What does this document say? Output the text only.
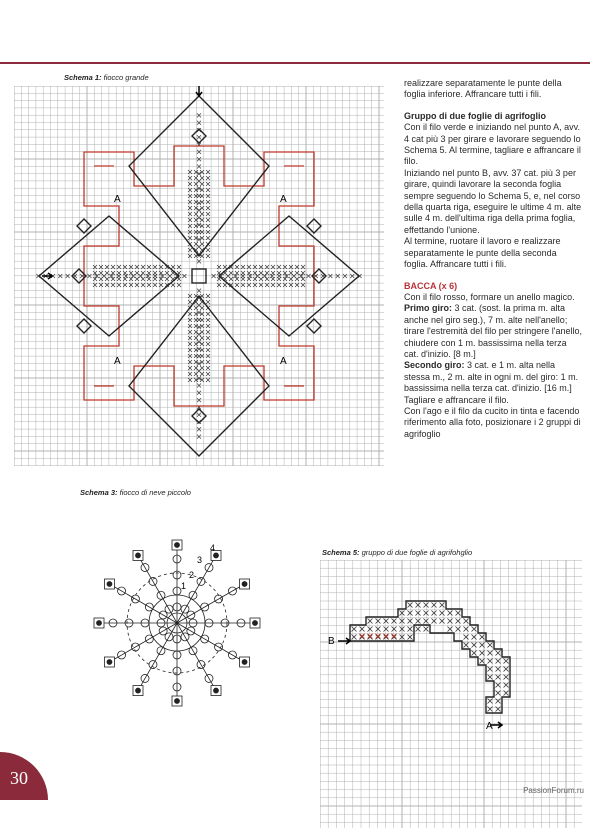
Schema 1: fiocco grande
A	A
A	A

realizzare separatamente le punte della foglia inferiore. Affrancare tutti i fili.

Gruppo di due foglie di agrifoglio
Con il filo verde e iniziando nel punto A, avv. 4 cat più 3 per girare e lavorare seguendo lo Schema 5. Al termine, tagliare e affrancare il filo.
Iniziando nel punto B, avv. 37 cat. più 3 per girare, quindi lavorare la seconda foglia sempre seguendo lo Schema 5, e, nel corso della quarta riga, eseguire le ultime 4 m. alte sulle 4 m. dell'ultima riga della prima foglia, effettando l'unione.

Al termine, ruotare il lavoro e realizzare separatamente le punte della seconda foglia. Affrancare tutti i fili.

BACCA (x 6)
Con il filo rosso, formare un anello magico.
Primo giro: 3 cat. (sost. la prima m. alta anche nel giro seg.), 7 m. alte nell'anello; tirare l'estremità del filo per stringere l'anello, chiudere con 1 m. bassissima nella terza cat. d'inizio. [8 m.]
Secondo giro: 3 cat. e 1 m. alta nella stessa m., 2 m. alte in ogni m. del giro: 1 m. bassissima nella terza cat. d'inizio. [16 m.]
Tagliare e affrancare il filo.
Con l'ago e il filo da cucito in tinta e facendo riferimento alla foto, posizionare i 2 gruppi di agrifoglio
Schema 3: fiocco di neve piccolo
1
2
3
4	Schema 5: gruppo di due foglie di agrifohglio
B
A
30
PassionForum.ru
